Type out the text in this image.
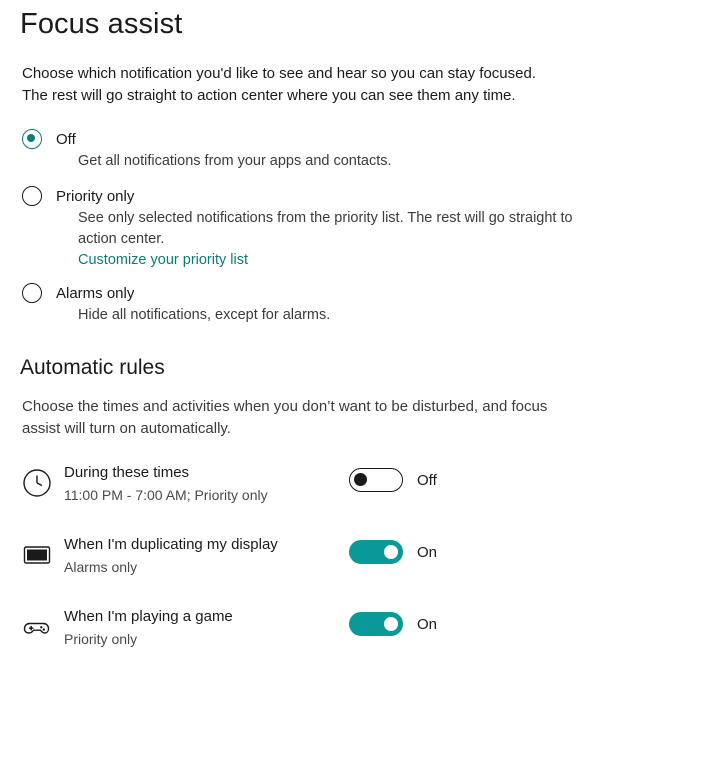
Focus assist

Choose which notification you'd like to see and hear so you can stay focused. The rest will go straight to action center where you can see them any time.

Off
Get all notifications from your apps and contacts.
Priority only
See only selected notifications from the priority list. The rest will go straight to action center.
Customize your priority list
Alarms only
Hide all notifications, except for alarms.
Automatic rules

Choose the times and activities when you don’t want to be disturbed, and focus assist will turn on automatically.

During these times
11:00 PM - 7:00 AM; Priority only
Off
When I'm duplicating my display
Alarms only
On
When I'm playing a game
Priority only
On
